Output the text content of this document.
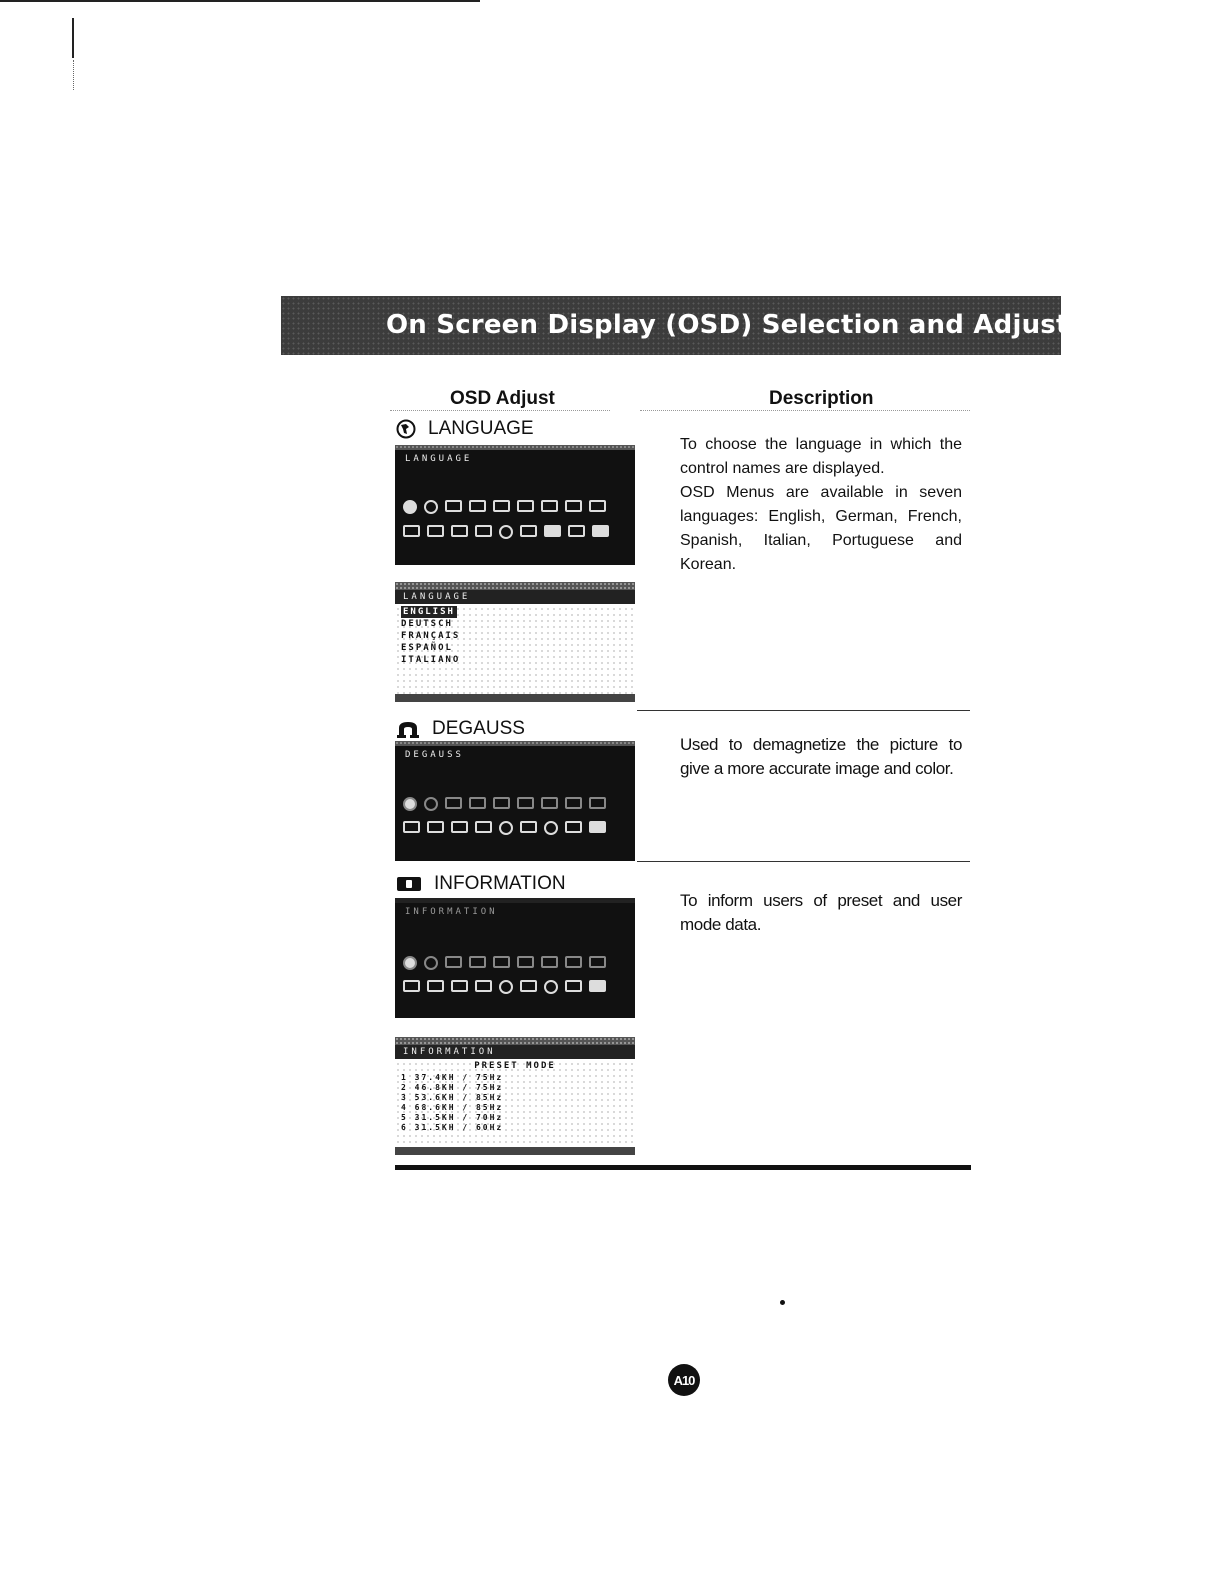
On Screen Display (OSD) Selection and Adjustment
OSD Adjust	Description
LANGUAGE
LANGUAGE
LANGUAGE
ENGLISH
DEUTSCH
FRANÇAIS
ESPAÑOL
ITALIANO

To choose the language in which the control names are displayed.

OSD Menus are available in seven languages: English, German, French, Spanish, Italian, Portuguese and Korean.

DEGAUSS
DEGAUSS

Used to demagnetize the picture to give a more accurate image and color.

INFORMATION
INFORMATION
INFORMATION
PRESET MODE
1 37.4KH / 75Hz
2 46.8KH / 75Hz
3 53.6KH / 85Hz
4 68.6KH / 85Hz
5 31.5KH / 70Hz
6 31.5KH / 60Hz

To inform users of preset and user mode data.

A10
